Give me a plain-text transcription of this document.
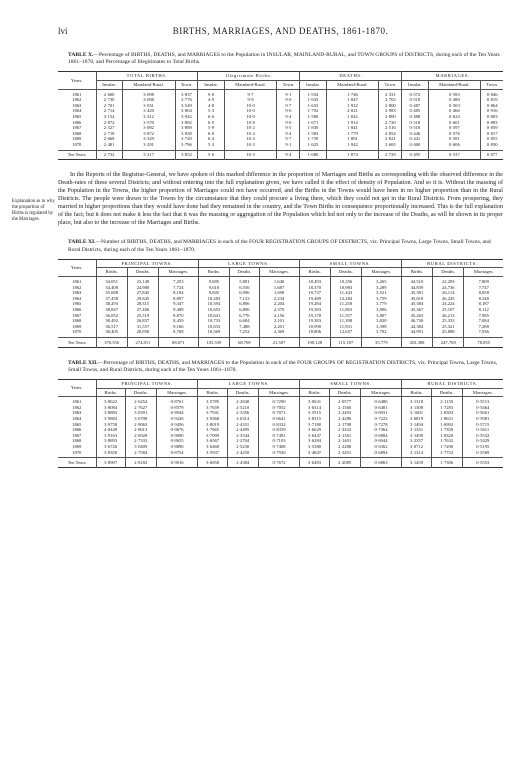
lvi	BIRTHS, MARRIAGES, AND DEATHS, 1861-1870.
TABLE X.—Percentage of BIRTHS, DEATHS, and MARRIAGES to the Population in INSULAR, MAINLAND-RURAL, and TOWN GROUPS of DISTRICTS, during each of the Ten Years 1861–1870, and Percentage of Illegitimates to Total Births.
Years.	TOTAL BIRTHS.			Illegitimate Births.			DEATHS.			MARRIAGES.		
	Insular.	Mainland-Rural.	Town.	Insular.	Mainland-Rural.	Town.	Insular.	Mainland-Rural.	Town.	Insular.	Mainland-Rural.	Town.
1861	2·600	3·098	3·837	9·0	9·7	9·1	1·934	1·746	2·331	0·572	0·583	0·846
1862	2·730	3·098	3·776	4·9	9·9	9·0	1·633	1·847	2·702	0·518	0·480	0·819
1863	2·701	3·031	3·549	4·8	10·0	9·7	1·633	1·922	2·800	0·487	0·503	0·864
1864	2·714	3·420	3·804	5·3	10·0	9·6	1·792	2·021	2·983	0·485	0·466	0·916
1865	3·154	3·212	3·942	6·6	10·0	9·4	1·580	1·842	2·800	0·488	0·624	0·803
1866	2·872	3·570	3·882	6·5	10·8	9·0	1·671	1·914	2·730	0·518	0·601	0·883
1867	2·527	3·082	3·889	5·9	10·2	9·5	1·836	1·841	2·516	0·518	0·597	0·859
1868	2·718	3·872	3·838	6·0	10·4	9·4	1·583	1·779	2·854	0·446	0·576	0·817
1869	2·668	3·329	3·720	6·4	10·4	9·7	1·739	1·881	2·821	0·441	0·581	0·855
1870	2·481	3·291	3·796	5·3	10·3	9·1	1·625	1·942	2·665	0·460	0·606	0·830
Ten Years	2·732	3·217	3·852	5·6	10·3	9·4	1·680	1·874	2·729	0·495	0·537	0·877
Explanation as to why the proportion of Births is regulated by the Marriages.

In the Reports of the Registrar-General, we have spoken of this marked difference in the proportion of Marriages and Births as corresponding with the observed difference in the Death-rates of these several Districts; and without entering into the full explanation given, we have called it the effect of density of Population. And so it is. Without the massing of the Population in the Towns, the higher proportion of Marriages could not have occurred, and the Births in the Towns would have been in no higher proportion than in the Rural Districts. The people were drawn to the Towns by the circumstance that they could procure a living there, which they could not get in the Rural Districts. From prospering, they married in higher proportions than they would have done had they remained in the country, and the Town Births in consequence proportionally increased. This is the full explanation of the fact; but it does not make it less the fact that it was the massing or aggregation of the Population which led not only to the increase of the Deaths, as will be shown in its proper place, but also to the increase of the Marriages and Births.

TABLE XI.—Number of BIRTHS, DEATHS, and MARRIAGES in each of the FOUR REGISTRATION GROUPS OF DISTRICTS, viz. Principal Towns, Large Towns, Small Towns, and Rural Districts, during each of the Ten Years 1861–1870.
Years.	PRINCIPAL TOWNS.			LARGE TOWNS.			SMALL TOWNS.			RURAL DISTRICTS.		
	Births.	Deaths.	Marriages.	Births.	Deaths.	Marriages.	Births.	Deaths.	Marriages.	Births.	Deaths.	Marriages.
1861	34,051	23,149	7,253	9,695	5,881	1,640	18,493	10,356	3,265	44,510	22,293	7,809
1862	34,408	24,980	7,724	9,618	6,556	1,687	18,370	10,983	3,289	44,839	24,736	7,747
1863	35,688	27,845	8,184	9,845	6,996	1,698	18,737	11,443	3,521	45,381	26,114	8,058
1864	37,458	29,845	8,897	10,283	7,133	2,234	19,489	12,284	3,759	45,618	26,245	8,348
1865	38,293	28,315	9,347	10,594	6,806	2,204	19,284	11,258	3,779	45,384	24,224	8,187
1866	38,847	27,406	9,408	10,653	6,896	2,370	19,383	11,863	3,906	45,367	25,107	8,112
1867	36,052	25,519	8,870	10,641	6,776	2,156	19,178	11,557	3,807	45,263	26,213	7,985
1868	38,492	26,837	8,459	10,733	6,684	2,101	19,383	11,398	3,820	46,730	25,333	7,084
1869	36,517	31,557	9,166	10,633	7,488	2,201	18,990	11,931	3,398	44,384	25,321	7,288
1870	38,405	28,958	8,768	10,569	7,252	2,369	18,806	12,657	3,702	44,991	25,888	7,936
Ten Years	370,556	274,811	88,071	103,539	68,769	21,507	190,128	115,187	35,779	453,388	247,769	78,855
TABLE XII.—Percentage of BIRTHS, DEATHS, and MARRIAGES to the Population in each of the FOUR GROUPS OF REGISTRATION DISTRICTS, viz. Principal Towns, Large Towns, Small Towns, and Rural Districts, during each of the Ten Years 1861–1870.
Years.	PRINCIPAL TOWNS.			LARGE TOWNS.			SMALL TOWNS.			RURAL DISTRICTS.		
	Births.	Deaths.	Marriages.	Births.	Deaths.	Marriages.	Births.	Deaths.	Marriages.	Births.	Deaths.	Marriages.
1861	3·8622	2·6254	0·8761	3·5785	2·2840	0·7290	3·0631	2·0577	0·6486	3·1318	2·1150	0·5513
1862	3·8084	2·7627	0·8579	3·7659	2·5210	0·7052	3·6314	2·1566	0·6481	3·1308	1·7283	0·5464
1863	3·8883	3·0391	0·8944	3·7941	2·3356	0·7071	3·5515	2·2493	0·6931	3·1601	1·8303	0·5661
1864	3·9882	3·0708	0·9226	3·9368	2·6314	0·6641	3·8315	2·4286	0·7222	3·6819	1·8631	0·5981
1865	3·9758	2·9063	0·9456	3·8019	2·4331	0·8332	3·7180	2·1708	0·7278	3·1494	1·6992	0·5715
1866	4·0449	2·8013	0·9676	3·7665	2·4495	0·8359	3·6629	2·2432	0·7364	3·1331	1·7350	0·5611
1867	3·9163	2·6928	0·9090	3·7099	2·3544	0·7491	3·6447	2·1361	0·6884	3·1490	1·8320	0·5532
1868	3·8893	2·7333	0·8655	3·6567	2·2704	0·7103	3·6284	2·1401	0·6944	3·2357	1·7632	0·5429
1869	3·6726	3·0409	0·8890	3·6468	2·5230	0·7408	3·5380	2·2288	0·6362	3·0712	1·7290	0·5195
1870	3·8350	2·7584	0·8754	3·5937	2·4250	0·7920	3·4847	2·3451	0·6894	3·1314	1·7752	0·5569
Ten Years	3·8907	2·8182	0·9016	3·6858	2·4384	0·7672	3·6483	2·2085	0·6863	3·1459	1·7306	0·5553
